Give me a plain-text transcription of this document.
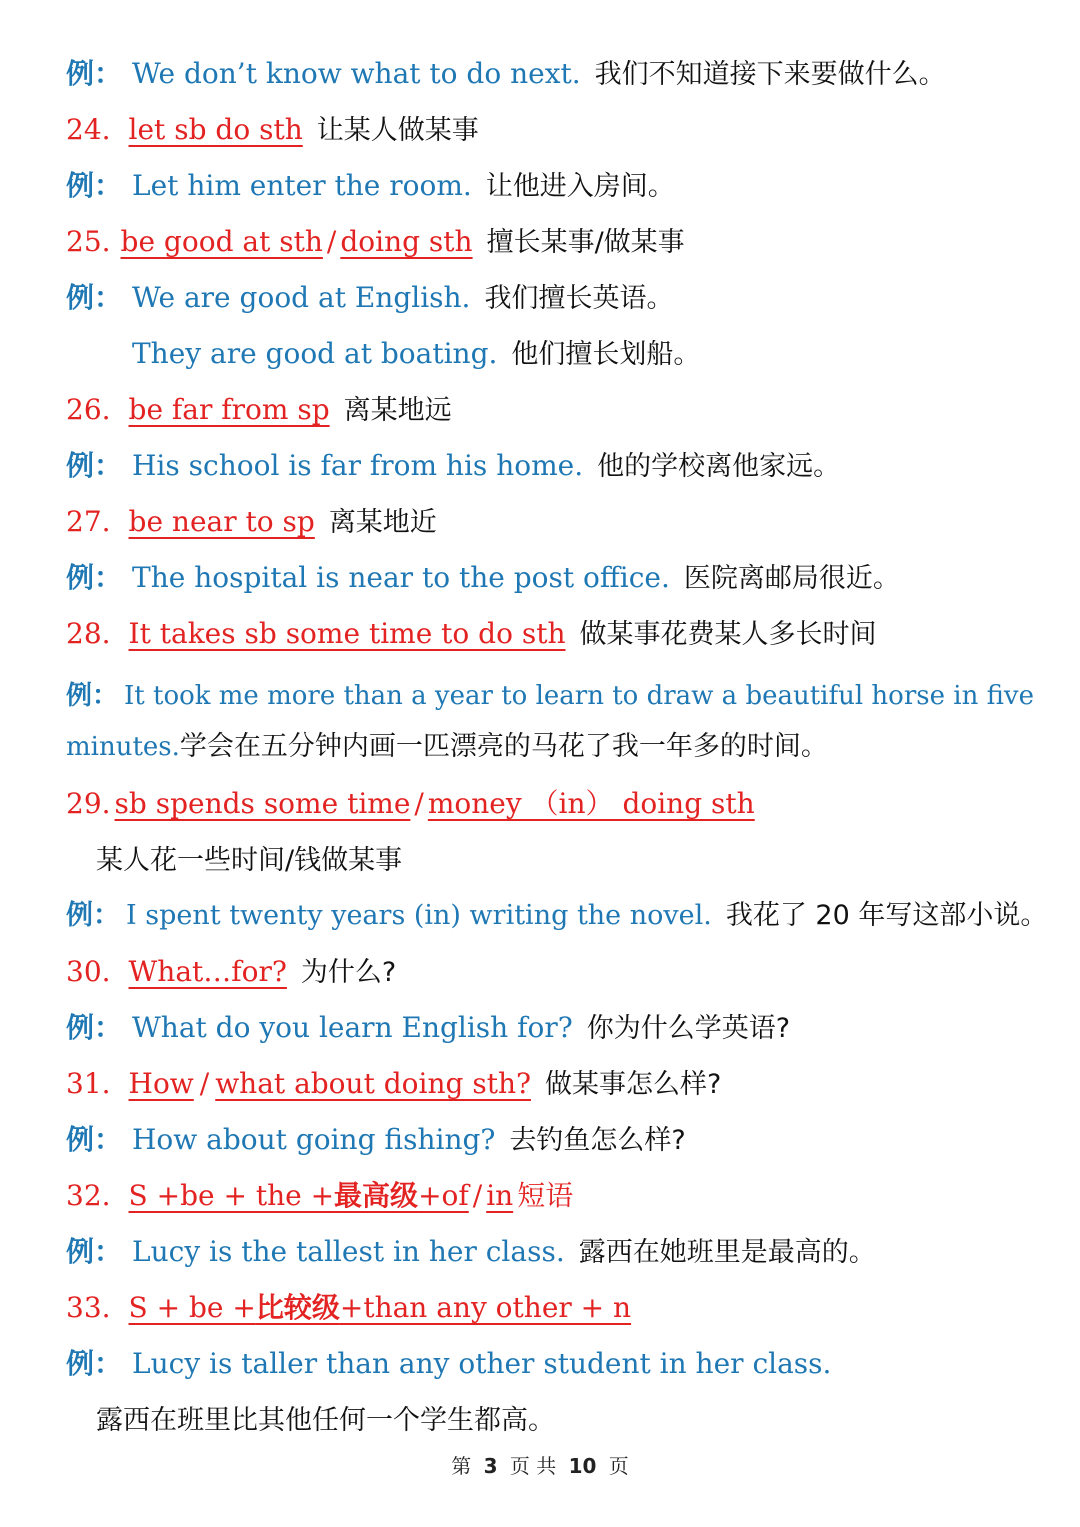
例： We don’t know what to do next. 我们不知道接下来要做什么。
24. let sb do sth 让某人做某事
例： Let him enter the room. 让他进入房间。
25. be good at sth / doing sth 擅长某事/做某事
例： We are good at English. 我们擅长英语。
They are good at boating. 他们擅长划船。
26. be far from sp 离某地远
例： His school is far from his home. 他的学校离他家远。
27. be near to sp 离某地近
例： The hospital is near to the post office. 医院离邮局很近。
28. It takes sb some time to do sth 做某事花费某人多长时间
例： It took me more than a year to learn to draw a beautiful horse in five
minutes.学会在五分钟内画一匹漂亮的马花了我一年多的时间。
29. sb spends some time / money （in） doing sth
某人花一些时间/钱做某事
例： I spent twenty years (in) writing the novel. 我花了 20 年写这部小说。
30. What…for? 为什么?
例： What do you learn English for? 你为什么学英语?
31. How / what about doing sth? 做某事怎么样?
例： How about going fishing? 去钓鱼怎么样?
32. S +be + the +最高级+of / in 短语
例： Lucy is the tallest in her class. 露西在她班里是最高的。
33. S + be +比较级+than any other + n
例： Lucy is taller than any other student in her class.
露西在班里比其他任何一个学生都高。
第 3 页 共 10 页
